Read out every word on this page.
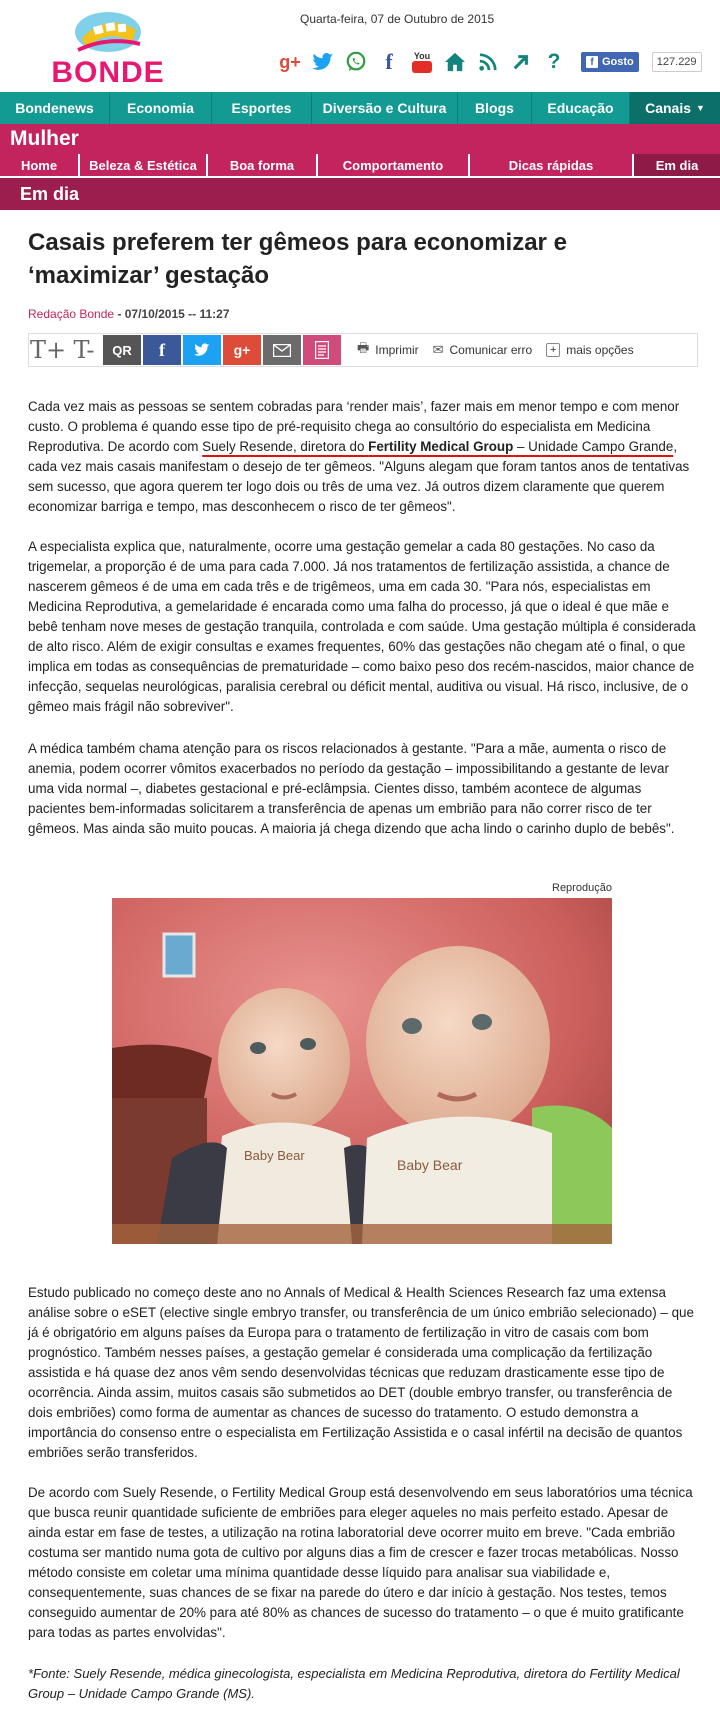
BONDE
Quarta-feira, 07 de Outubro de 2015
g+	f	You	?	f Gosto	127.229
Bondenews	Economia	Esportes	Diversão e Cultura	Blogs	Educação	Canais ▼
Mulher
Home	Beleza & Estética	Boa forma	Comportamento	Dicas rápidas	Em dia
Em dia
Casais preferem ter gêmeos para economizar e ‘maximizar’ gestação
Redação Bonde - 07/10/2015 -- 11:27
T+ T-	QR	f	g+	🖶 Imprimir ✉ Comunicar erro	+ mais opções

Cada vez mais as pessoas se sentem cobradas para ‘render mais’, fazer mais em menor tempo e com menor custo. O problema é quando esse tipo de pré-requisito chega ao consultório do especialista em Medicina Reprodutiva. De acordo com Suely Resende, diretora do Fertility Medical Group – Unidade Campo Grande, cada vez mais casais manifestam o desejo de ter gêmeos. "Alguns alegam que foram tantos anos de tentativas sem sucesso, que agora querem ter logo dois ou três de uma vez. Já outros dizem claramente que querem economizar barriga e tempo, mas desconhecem o risco de ter gêmeos".

A especialista explica que, naturalmente, ocorre uma gestação gemelar a cada 80 gestações. No caso da trigemelar, a proporção é de uma para cada 7.000. Já nos tratamentos de fertilização assistida, a chance de nascerem gêmeos é de uma em cada três e de trigêmeos, uma em cada 30. "Para nós, especialistas em Medicina Reprodutiva, a gemelaridade é encarada como uma falha do processo, já que o ideal é que mãe e bebê tenham nove meses de gestação tranquila, controlada e com saúde. Uma gestação múltipla é considerada de alto risco. Além de exigir consultas e exames frequentes, 60% das gestações não chegam até o final, o que implica em todas as consequências de prematuridade – como baixo peso dos recém-nascidos, maior chance de infecção, sequelas neurológicas, paralisia cerebral ou déficit mental, auditiva ou visual. Há risco, inclusive, de o gêmeo mais frágil não sobreviver".

A médica também chama atenção para os riscos relacionados à gestante. "Para a mãe, aumenta o risco de anemia, podem ocorrer vômitos exacerbados no período da gestação – impossibilitando a gestante de levar uma vida normal –, diabetes gestacional e pré-eclâmpsia. Cientes disso, também acontece de algumas pacientes bem-informadas solicitarem a transferência de apenas um embrião para não correr risco de ter gêmeos. Mas ainda são muito poucas. A maioria já chega dizendo que acha lindo o carinho duplo de bebês".

Reprodução
Baby Bear
Baby Bear

Estudo publicado no começo deste ano no Annals of Medical & Health Sciences Research faz uma extensa análise sobre o eSET (elective single embryo transfer, ou transferência de um único embrião selecionado) – que já é obrigatório em alguns países da Europa para o tratamento de fertilização in vitro de casais com bom prognóstico. Também nesses países, a gestação gemelar é considerada uma complicação da fertilização assistida e há quase dez anos vêm sendo desenvolvidas técnicas que reduzam drasticamente esse tipo de ocorrência. Ainda assim, muitos casais são submetidos ao DET (double embryo transfer, ou transferência de dois embriões) como forma de aumentar as chances de sucesso do tratamento. O estudo demonstra a importância do consenso entre o especialista em Fertilização Assistida e o casal infértil na decisão de quantos embriões serão transferidos.

De acordo com Suely Resende, o Fertility Medical Group está desenvolvendo em seus laboratórios uma técnica que busca reunir quantidade suficiente de embriões para eleger aqueles no mais perfeito estado. Apesar de ainda estar em fase de testes, a utilização na rotina laboratorial deve ocorrer muito em breve. "Cada embrião costuma ser mantido numa gota de cultivo por alguns dias a fim de crescer e fazer trocas metabólicas. Nosso método consiste em coletar uma mínima quantidade desse líquido para analisar sua viabilidade e, consequentemente, suas chances de se fixar na parede do útero e dar início à gestação. Nos testes, temos conseguido aumentar de 20% para até 80% as chances de sucesso do tratamento – o que é muito gratificante para todas as partes envolvidas".

*Fonte: Suely Resende, médica ginecologista, especialista em Medicina Reprodutiva, diretora do Fertility Medical Group – Unidade Campo Grande (MS).
